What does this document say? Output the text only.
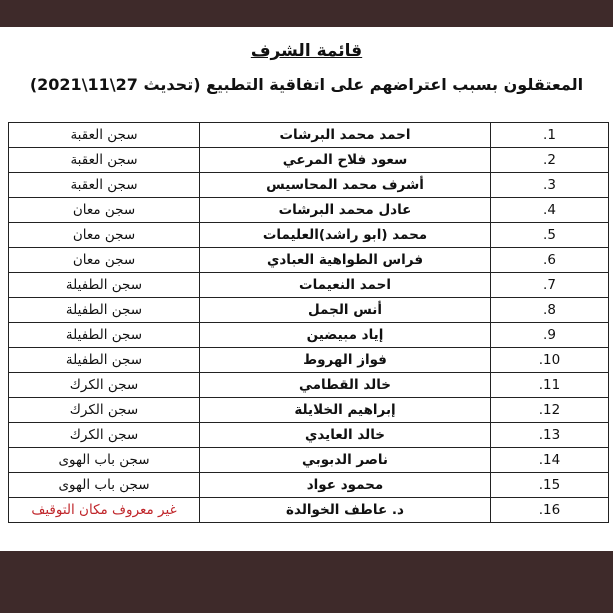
قائمة الشرف
المعتقلون بسبب اعتراضهم على اتفاقية التطبيع (تحديث 27\11\2021)
سجن العقبة	احمد محمد البرشات	.1
سجن العقبة	سعود فلاح المرعي	.2
سجن العقبة	أشرف محمد المحاسيس	.3
سجن معان	عادل محمد البرشات	.4
سجن معان	محمد (ابو راشد)العليمات	.5
سجن معان	فراس الطواهية العبادي	.6
سجن الطفيلة	احمد النعيمات	.7
سجن الطفيلة	أنس الجمل	.8
سجن الطفيلة	إياد مبيضين	.9
سجن الطفيلة	فواز الهروط	.10
سجن الكرك	خالد القطامي	.11
سجن الكرك	إبراهيم الخلايلة	.12
سجن الكرك	خالد العايدي	.13
سجن باب الهوى	ناصر الدبوبي	.14
سجن باب الهوى	محمود عواد	.15
غير معروف مكان التوقيف	د. عاطف الخوالدة	.16
